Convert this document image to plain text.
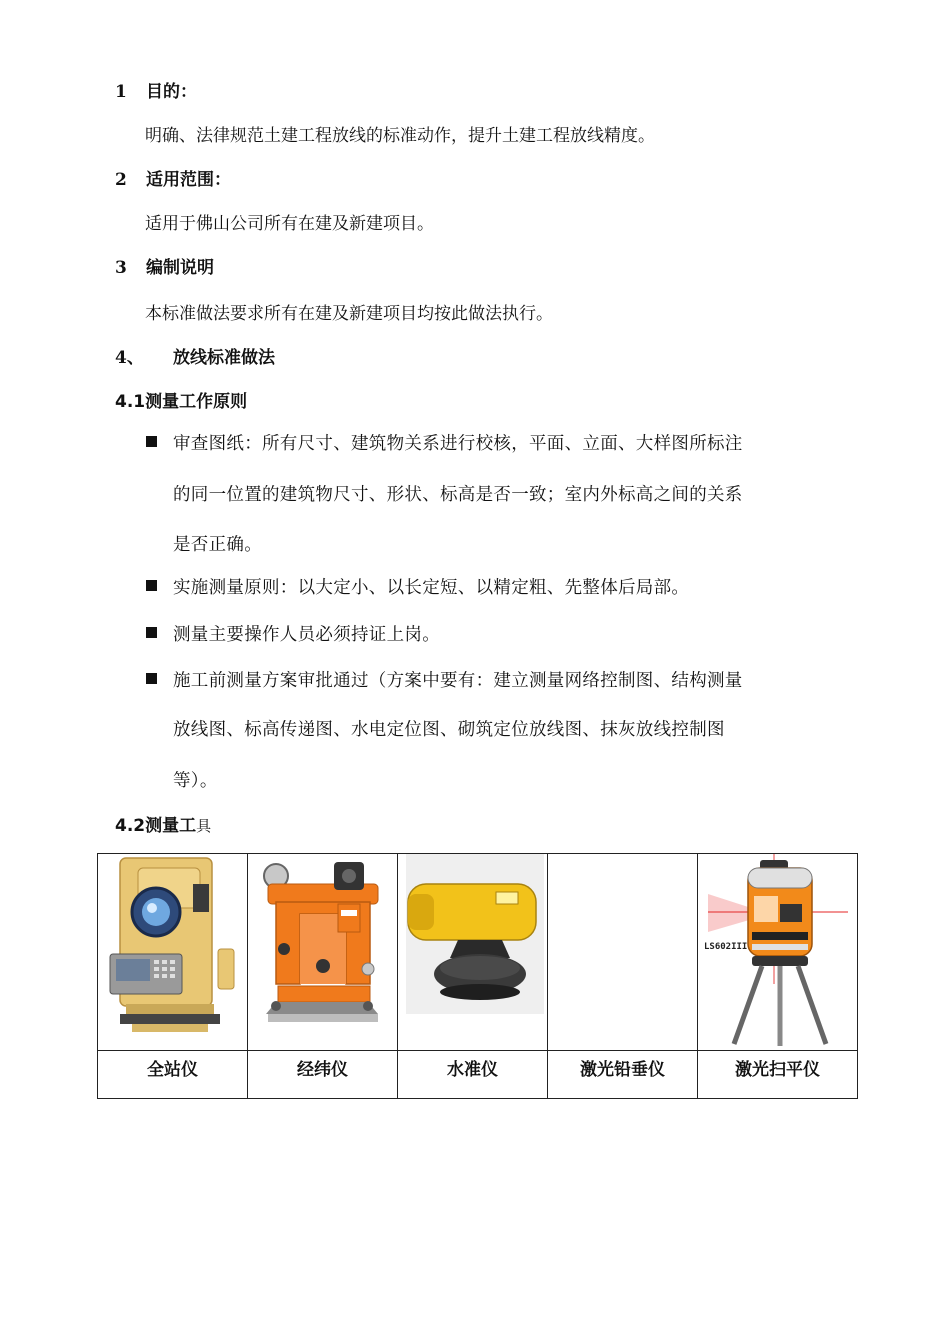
1 目的：
明确、法律规范土建工程放线的标准动作，提升土建工程放线精度。
2 适用范围：
适用于佛山公司所有在建及新建项目。
3 编制说明
本标准做法要求所有在建及新建项目均按此做法执行。
4、 放线标准做法
4.1测量工作原则
审查图纸：所有尺寸、建筑物关系进行校核，平面、立面、大样图所标注
的同一位置的建筑物尺寸、形状、标高是否一致；室内外标高之间的关系
是否正确。
实施测量原则：以大定小、以长定短、以精定粗、先整体后局部。
测量主要操作人员必须持证上岗。
施工前测量方案审批通过（方案中要有：建立测量网络控制图、结构测量
放线图、标高传递图、水电定位图、砌筑定位放线图、抹灰放线控制图
等）。
4.2测量工具

LS602III

全站仪	经纬仪	水准仪	激光铅垂仪	激光扫平仪
